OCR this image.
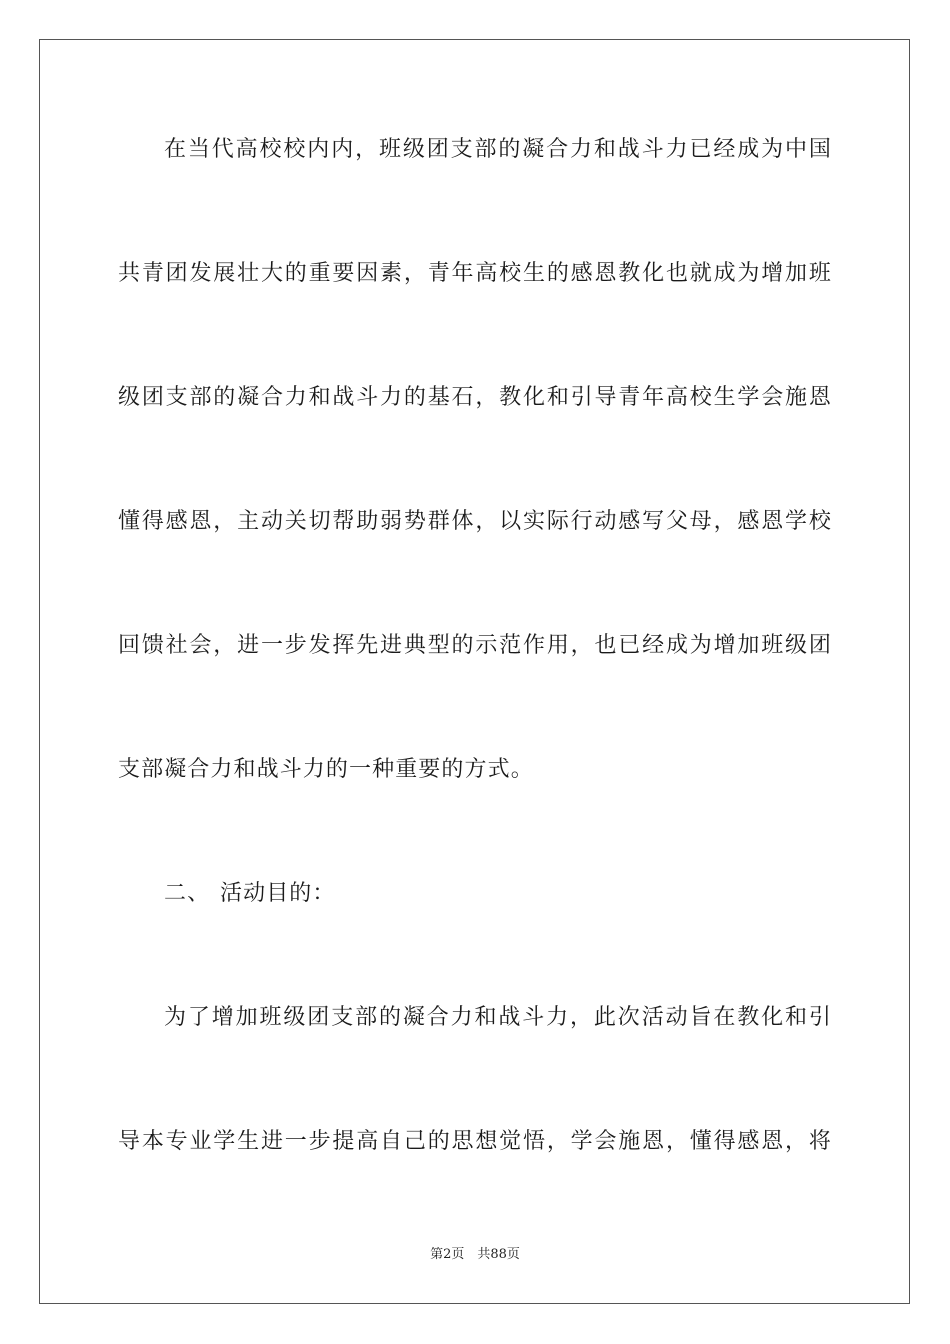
在当代高校校内内，班级团支部的凝合力和战斗力已经成为中国
共青团发展壮大的重要因素，青年高校生的感恩教化也就成为增加班
级团支部的凝合力和战斗力的基石，教化和引导青年高校生学会施恩
懂得感恩，主动关切帮助弱势群体，以实际行动感写父母，感恩学校
回馈社会，进一步发挥先进典型的示范作用，也已经成为增加班级团
支部凝合力和战斗力的一种重要的方式。
二、 活动目的：
为了增加班级团支部的凝合力和战斗力，此次活动旨在教化和引
导本专业学生进一步提高自己的思想觉悟，学会施恩，懂得感恩，将
第2页　共88页
